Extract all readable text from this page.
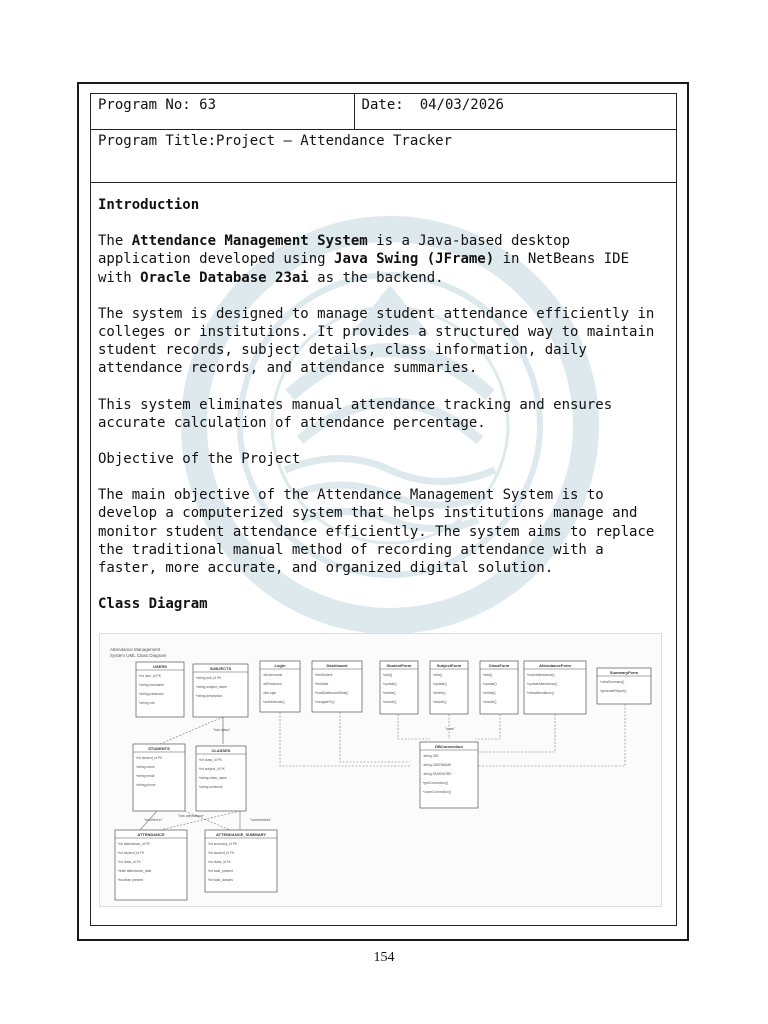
Program No: 63	Date: 04/03/2026
Program Title:Project – Attendance Tracker

Introduction

The Attendance Management System is a Java-based desktop application developed using Java Swing (JFrame) in NetBeans IDE with Oracle Database 23ai as the backend.

The system is designed to manage student attendance efficiently in colleges or institutions. It provides a structured way to maintain student records, subject details, class information, daily attendance records, and attendance summaries.

This system eliminates manual attendance tracking and ensures accurate calculation of attendance percentage.

Objective of the Project

The main objective of the Attendance Management System is to develop a computerized system that helps institutions manage and monitor student attendance efficiently. The system aims to replace the traditional manual method of recording attendance with a faster, more accurate, and organized digital solution.

Class Diagram

Attendance Management
System UML Class Diagram
USERS
+int user_id PK
+string username
+string password
+string role
SUBJECTS
+string sub_id PK
+string subject_name
+string description
STUDENTS
+int student_id PK
+string name
+string email
+string phone
CLASSES
+int class_id PK
+int subject_id FK
+string class_name
+string schedule
ATTENDANCE
+int attendance_id PK
+int student_id FK
+int class_id FK
+date attendance_date
+boolean present
ATTENDANCE_SUMMARY
+int summary_id PK
+int student_id FK
+int class_id FK
+int total_present
+int total_classes
Login
-txtUsername
-txtPassword
-btnLogin
+authenticate()
Dashboard
+btnStudent
+btnMark
+loadDashboardStats()
+navigateTo()
StudentForm
+add()
+update()
+delete()
+search()
SubjectForm
+add()
+update()
+delete()
+search()
ClassForm
+add()
+update()
+delete()
+search()
AttendanceForm
+markAttendance()
+updateAttendance()
+viewAttendance()
SummaryForm
+viewSummary()
+generateReport()
DBConnection
-string URL
-string USERNAME
-string PASSWORD
+getConnection()
+closeConnection()
"has class"
"enrolled in"
"has attendance"
"summarizes"
"uses"
154
